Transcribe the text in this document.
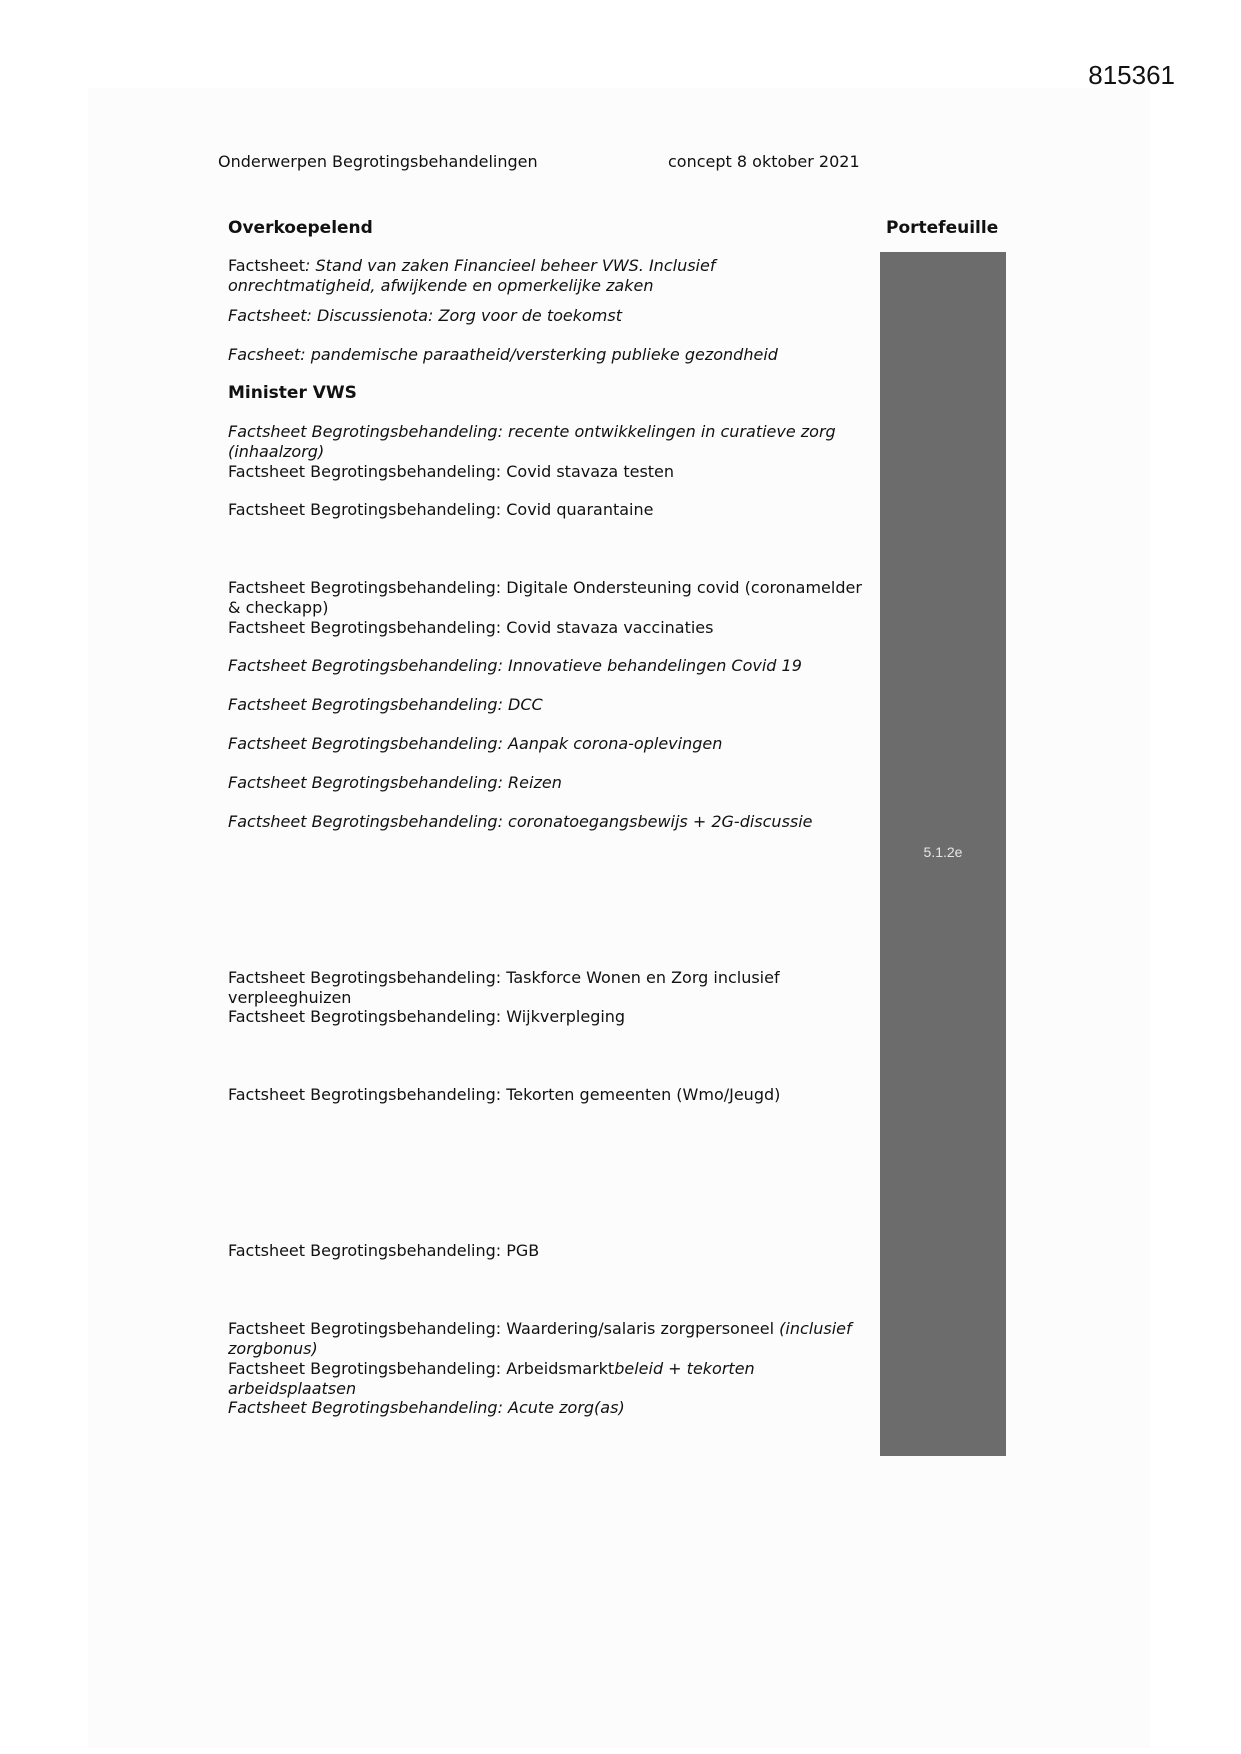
815361
Onderwerpen Begrotingsbehandelingen	concept 8 oktober 2021
Overkoepelend	Portefeuille
5.1.2e
Factsheet: Stand van zaken Financieel beheer VWS. Inclusief onrechtmatigheid, afwijkende en opmerkelijke zaken
Factsheet: Discussienota: Zorg voor de toekomst
Facsheet: pandemische paraatheid/versterking publieke gezondheid
Minister VWS
Factsheet Begrotingsbehandeling: recente ontwikkelingen in curatieve zorg (inhaalzorg)
Factsheet Begrotingsbehandeling: Covid stavaza testen
Factsheet Begrotingsbehandeling: Covid quarantaine
Factsheet Begrotingsbehandeling: Digitale Ondersteuning covid (coronamelder & checkapp)
Factsheet Begrotingsbehandeling: Covid stavaza vaccinaties
Factsheet Begrotingsbehandeling: Innovatieve behandelingen Covid 19
Factsheet Begrotingsbehandeling: DCC
Factsheet Begrotingsbehandeling: Aanpak corona-oplevingen
Factsheet Begrotingsbehandeling: Reizen
Factsheet Begrotingsbehandeling: coronatoegangsbewijs + 2G-discussie
Factsheet Begrotingsbehandeling: Taskforce Wonen en Zorg inclusief verpleeghuizen
Factsheet Begrotingsbehandeling: Wijkverpleging
Factsheet Begrotingsbehandeling: Tekorten gemeenten (Wmo/Jeugd)
Factsheet Begrotingsbehandeling: PGB
Factsheet Begrotingsbehandeling: Waardering/salaris zorgpersoneel (inclusief zorgbonus)
Factsheet Begrotingsbehandeling: Arbeidsmarktbeleid + tekorten arbeidsplaatsen
Factsheet Begrotingsbehandeling: Acute zorg(as)
